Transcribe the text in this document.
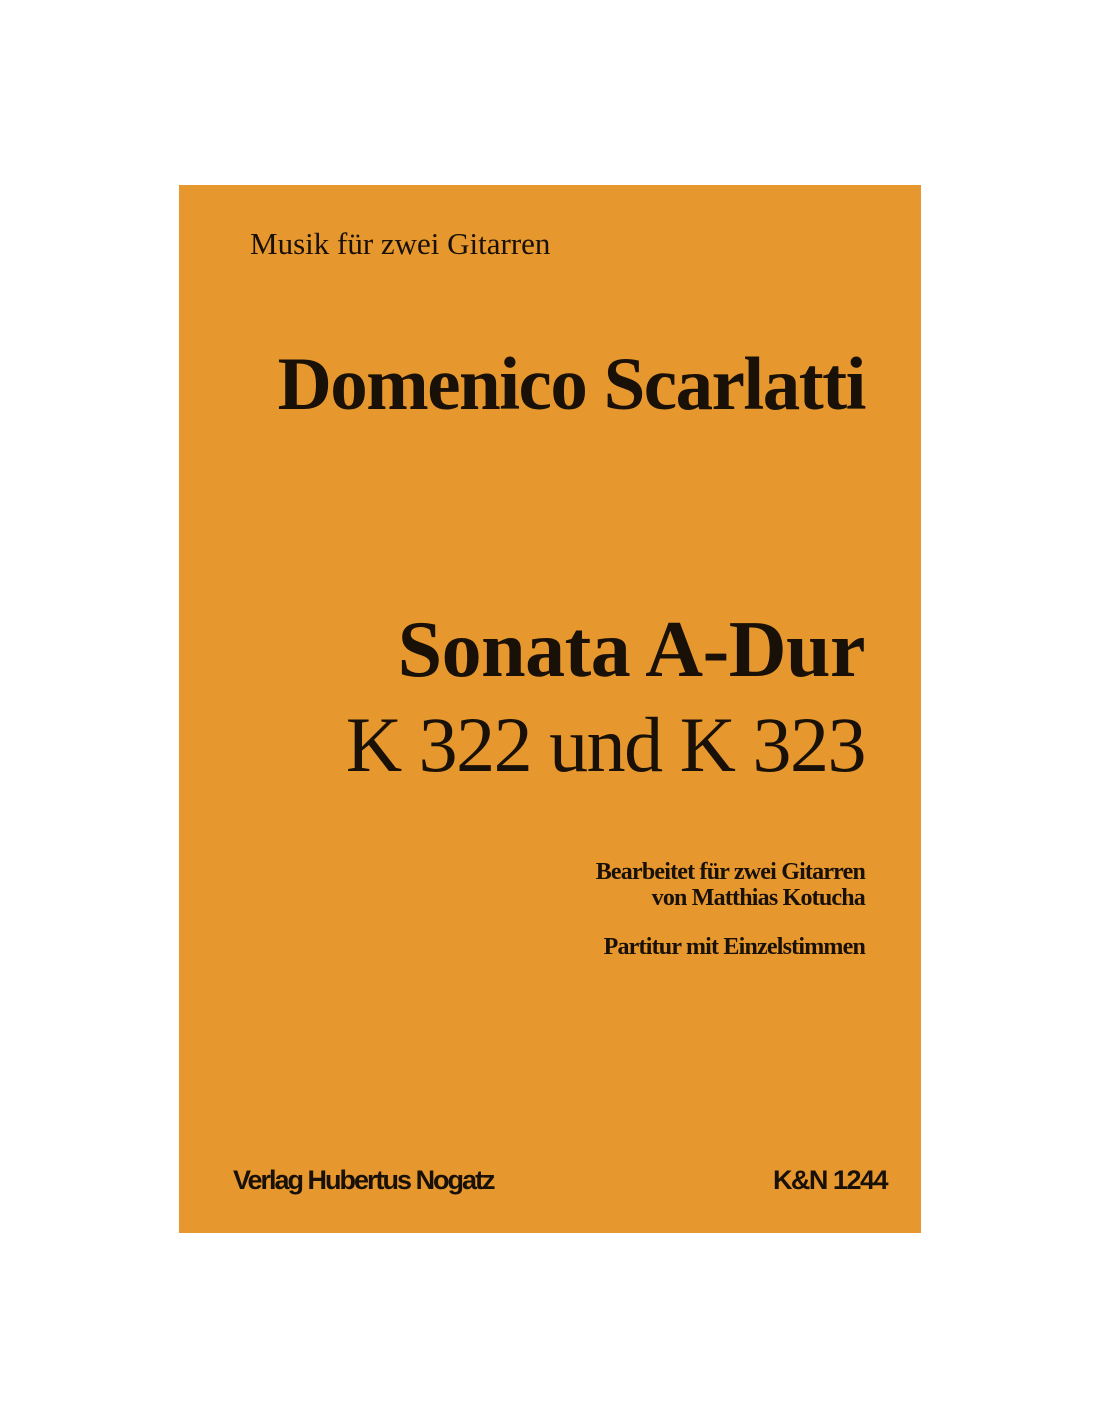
Musik für zwei Gitarren
Domenico Scarlatti
Sonata A-Dur
K 322 und K 323
Bearbeitet für zwei Gitarren
von Matthias Kotucha
Partitur mit Einzelstimmen
Verlag Hubertus Nogatz	K&N 1244
